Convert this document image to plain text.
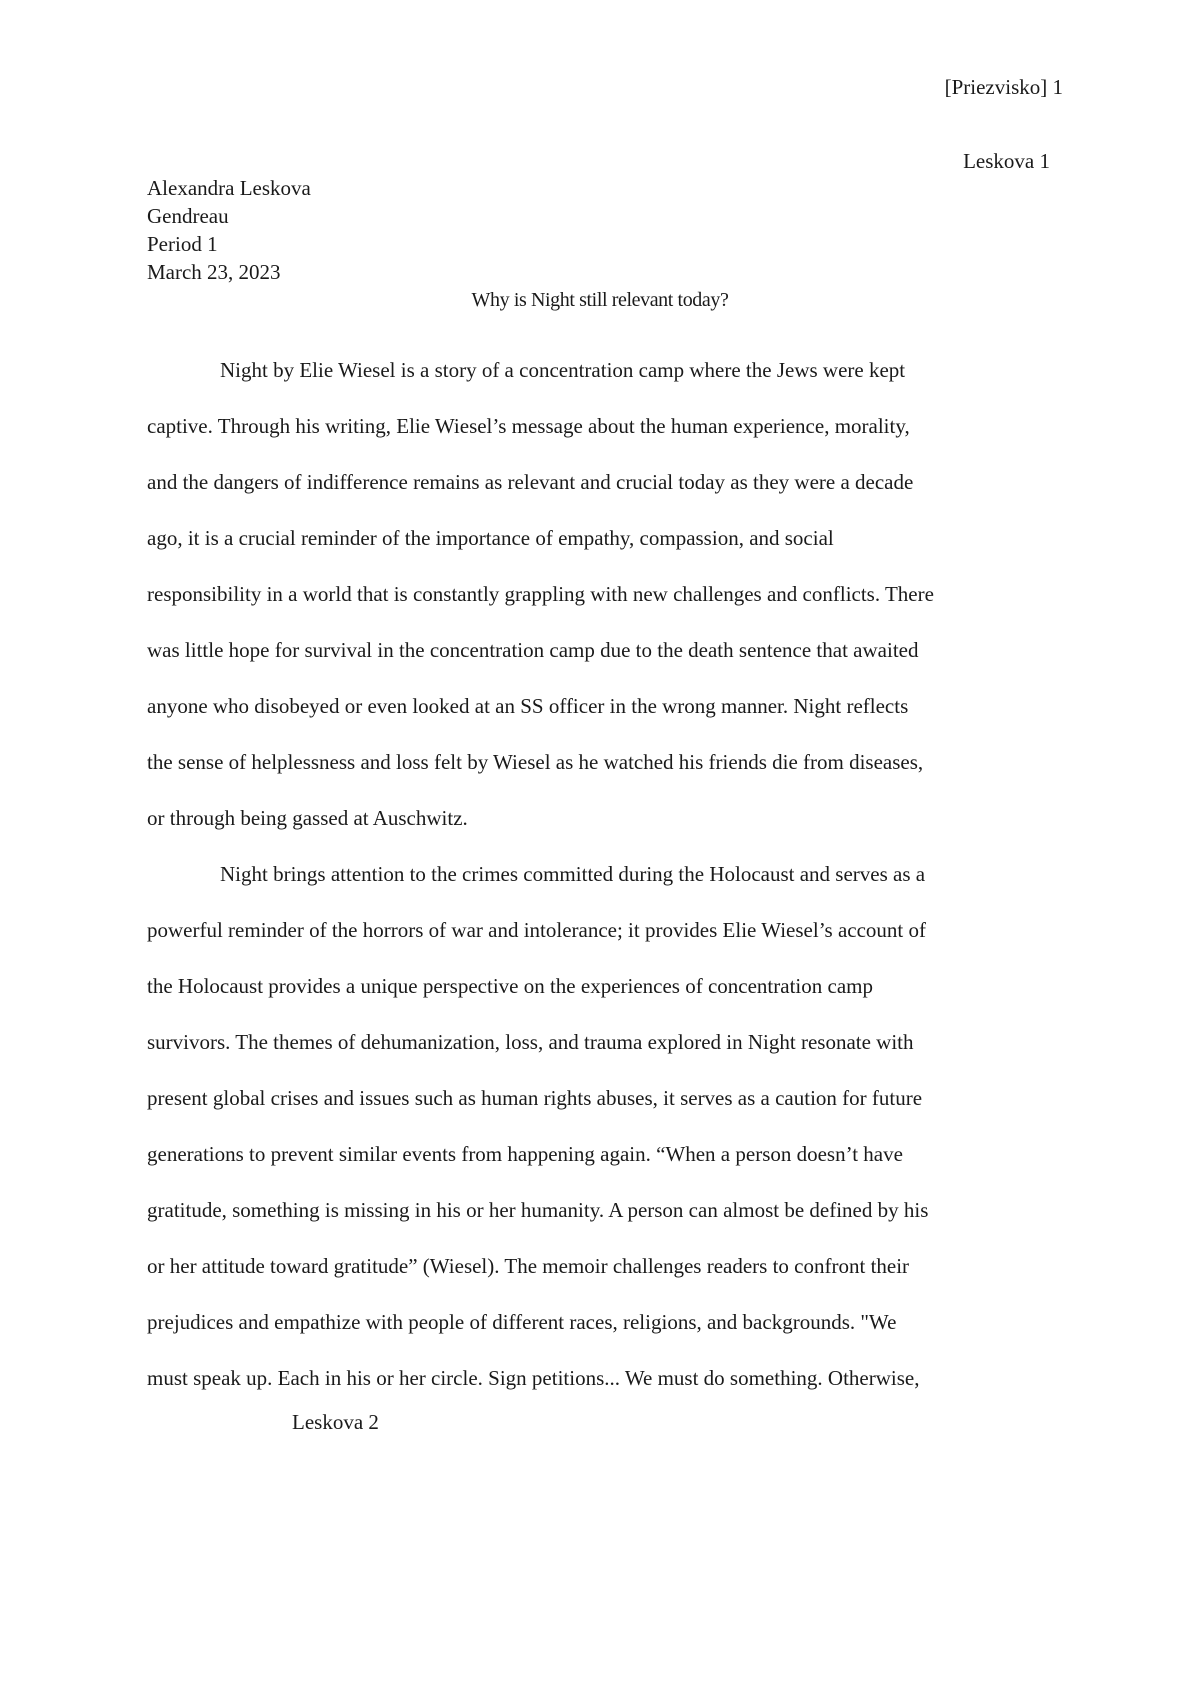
[Priezvisko] 1
Leskova 1
Alexandra Leskova
Gendreau
Period 1
March 23, 2023
Why is Night still relevant today?
Night by Elie Wiesel is a story of a concentration camp where the Jews were kept
captive. Through his writing, Elie Wiesel’s message about the human experience, morality,
and the dangers of indifference remains as relevant and crucial today as they were a decade
ago, it is a crucial reminder of the importance of empathy, compassion, and social
responsibility in a world that is constantly grappling with new challenges and conflicts. There
was little hope for survival in the concentration camp due to the death sentence that awaited
anyone who disobeyed or even looked at an SS officer in the wrong manner. Night reflects
the sense of helplessness and loss felt by Wiesel as he watched his friends die from diseases,
or through being gassed at Auschwitz.
Night brings attention to the crimes committed during the Holocaust and serves as a
powerful reminder of the horrors of war and intolerance; it provides Elie Wiesel’s account of
the Holocaust provides a unique perspective on the experiences of concentration camp
survivors. The themes of dehumanization, loss, and trauma explored in Night resonate with
present global crises and issues such as human rights abuses, it serves as a caution for future
generations to prevent similar events from happening again. “When a person doesn’t have
gratitude, something is missing in his or her humanity. A person can almost be defined by his
or her attitude toward gratitude” (Wiesel). The memoir challenges readers to confront their
prejudices and empathize with people of different races, religions, and backgrounds. "We
must speak up. Each in his or her circle. Sign petitions... We must do something. Otherwise,
Leskova 2
